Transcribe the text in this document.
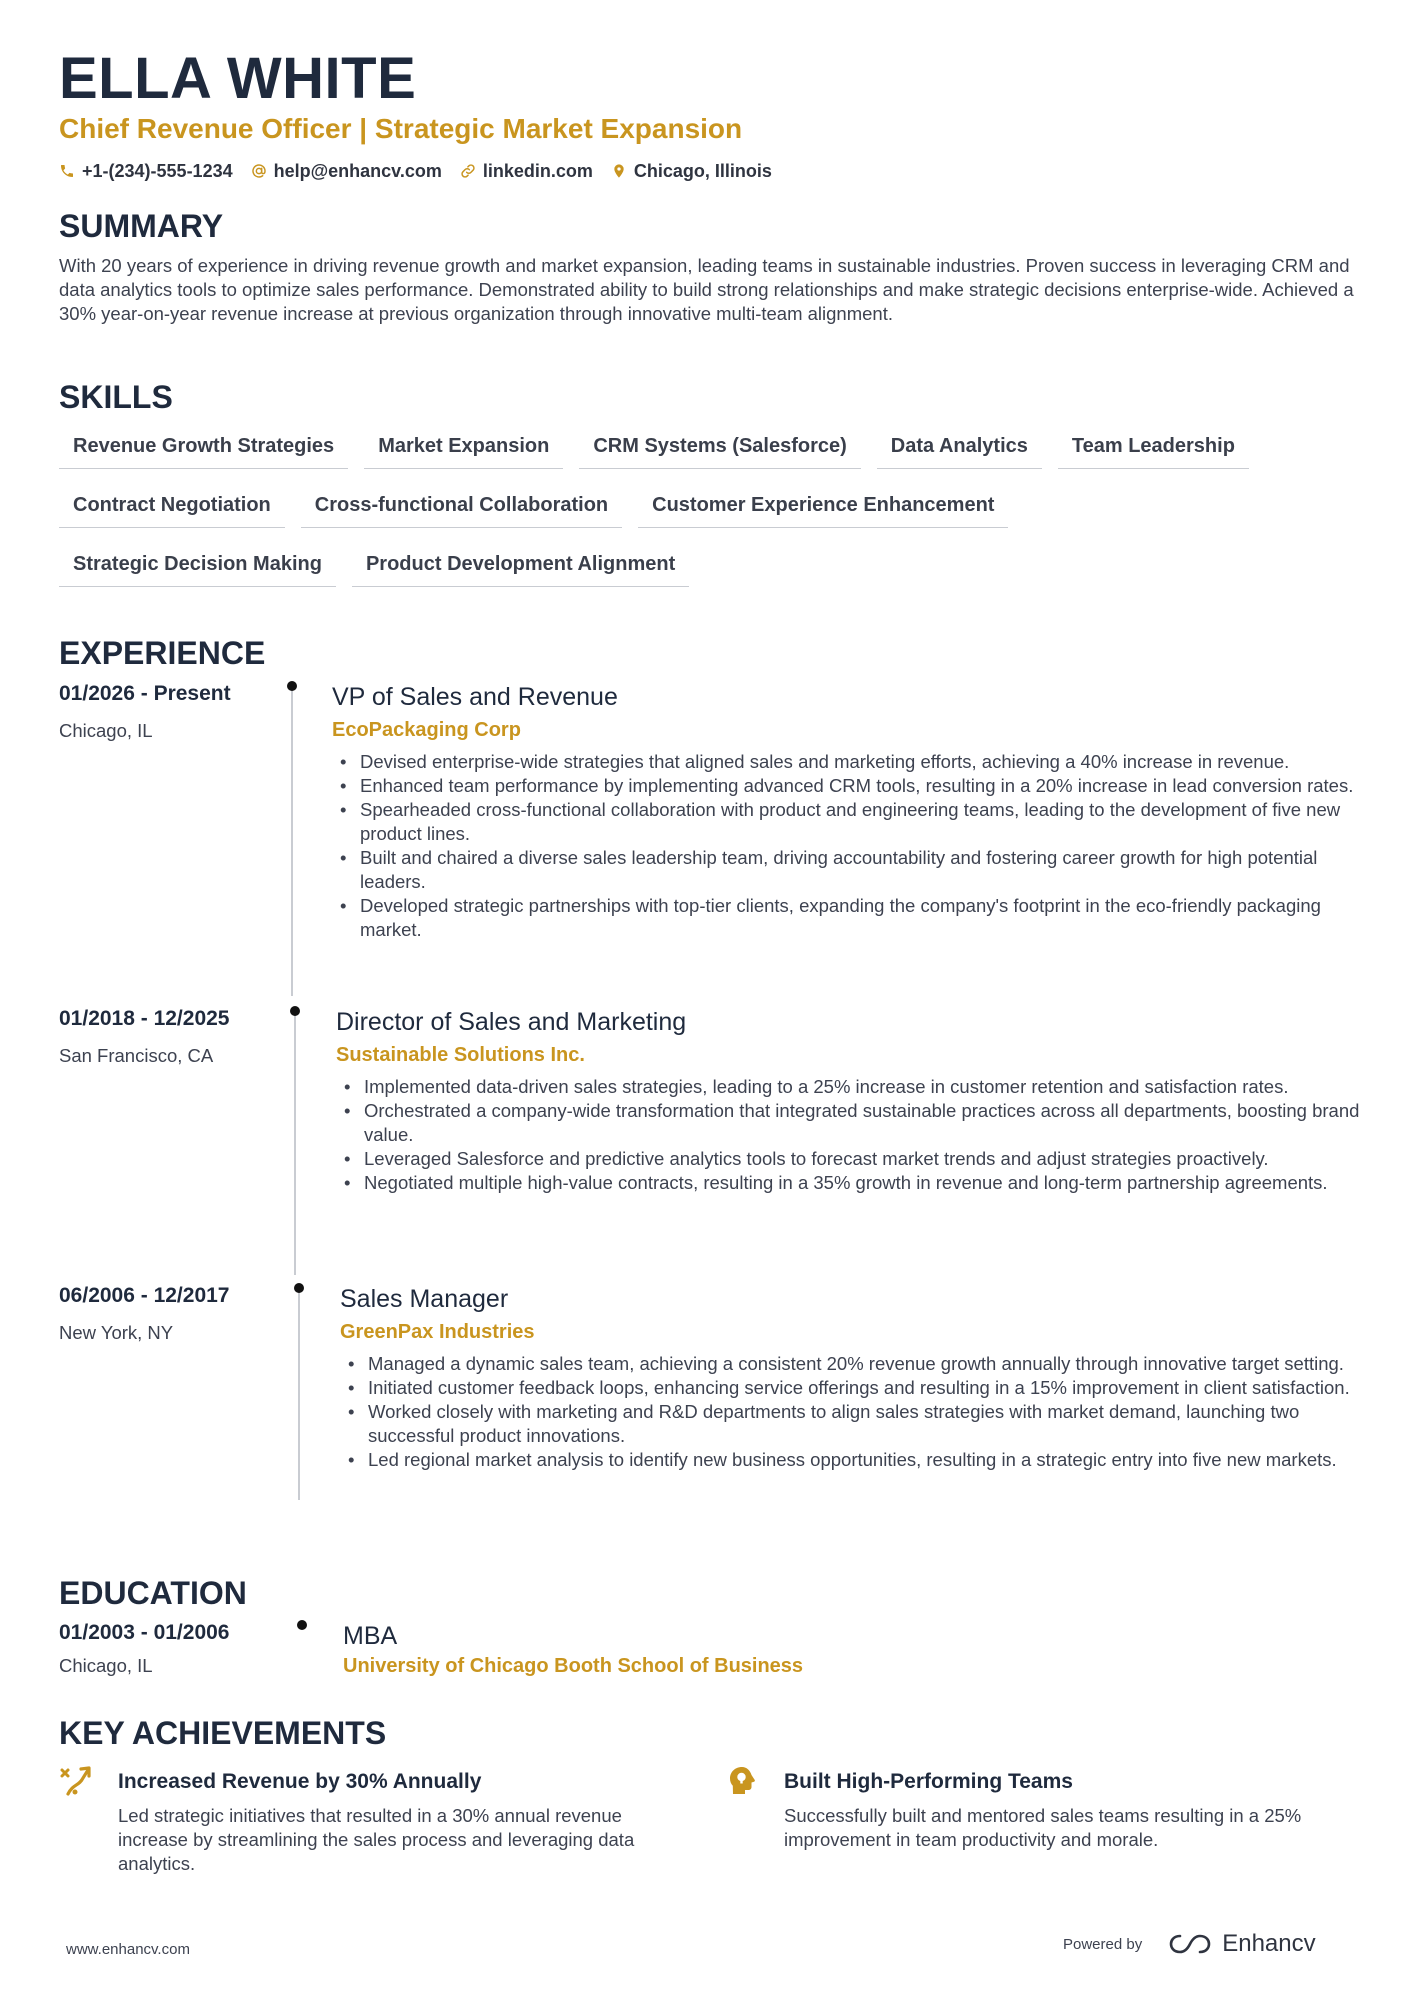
ELLA WHITE
Chief Revenue Officer | Strategic Market Expansion
+1-(234)-555-1234 help@enhancv.com linkedin.com Chicago, Illinois
SUMMARY
With 20 years of experience in driving revenue growth and market expansion, leading teams in sustainable industries. Proven success in leveraging CRM and data analytics tools to optimize sales performance. Demonstrated ability to build strong relationships and make strategic decisions enterprise-wide. Achieved a 30% year-on-year revenue increase at previous organization through innovative multi-team alignment.
SKILLS
Revenue Growth Strategies	Market Expansion	CRM Systems (Salesforce)	Data Analytics	Team Leadership
Contract Negotiation	Cross-functional Collaboration	Customer Experience Enhancement
Strategic Decision Making	Product Development Alignment
EXPERIENCE
01/2026 - Present
Chicago, IL
VP of Sales and Revenue
EcoPackaging Corp
• Devised enterprise-wide strategies that aligned sales and marketing efforts, achieving a 40% increase in revenue.
• Enhanced team performance by implementing advanced CRM tools, resulting in a 20% increase in lead conversion rates.
• Spearheaded cross-functional collaboration with product and engineering teams, leading to the development of five new product lines.
• Built and chaired a diverse sales leadership team, driving accountability and fostering career growth for high potential leaders.
• Developed strategic partnerships with top-tier clients, expanding the company's footprint in the eco-friendly packaging market.
01/2018 - 12/2025
San Francisco, CA
Director of Sales and Marketing
Sustainable Solutions Inc.
• Implemented data-driven sales strategies, leading to a 25% increase in customer retention and satisfaction rates.
• Orchestrated a company-wide transformation that integrated sustainable practices across all departments, boosting brand value.
• Leveraged Salesforce and predictive analytics tools to forecast market trends and adjust strategies proactively.
• Negotiated multiple high-value contracts, resulting in a 35% growth in revenue and long-term partnership agreements.
06/2006 - 12/2017
New York, NY
Sales Manager
GreenPax Industries
• Managed a dynamic sales team, achieving a consistent 20% revenue growth annually through innovative target setting.
• Initiated customer feedback loops, enhancing service offerings and resulting in a 15% improvement in client satisfaction.
• Worked closely with marketing and R&D departments to align sales strategies with market demand, launching two successful product innovations.
• Led regional market analysis to identify new business opportunities, resulting in a strategic entry into five new markets.
EDUCATION
01/2003 - 01/2006
Chicago, IL
MBA
University of Chicago Booth School of Business
KEY ACHIEVEMENTS
Increased Revenue by 30% Annually
Led strategic initiatives that resulted in a 30% annual revenue increase by streamlining the sales process and leveraging data analytics.
Built High-Performing Teams
Successfully built and mentored sales teams resulting in a 25% improvement in team productivity and morale.
www.enhancv.com	Powered by	Enhancv
